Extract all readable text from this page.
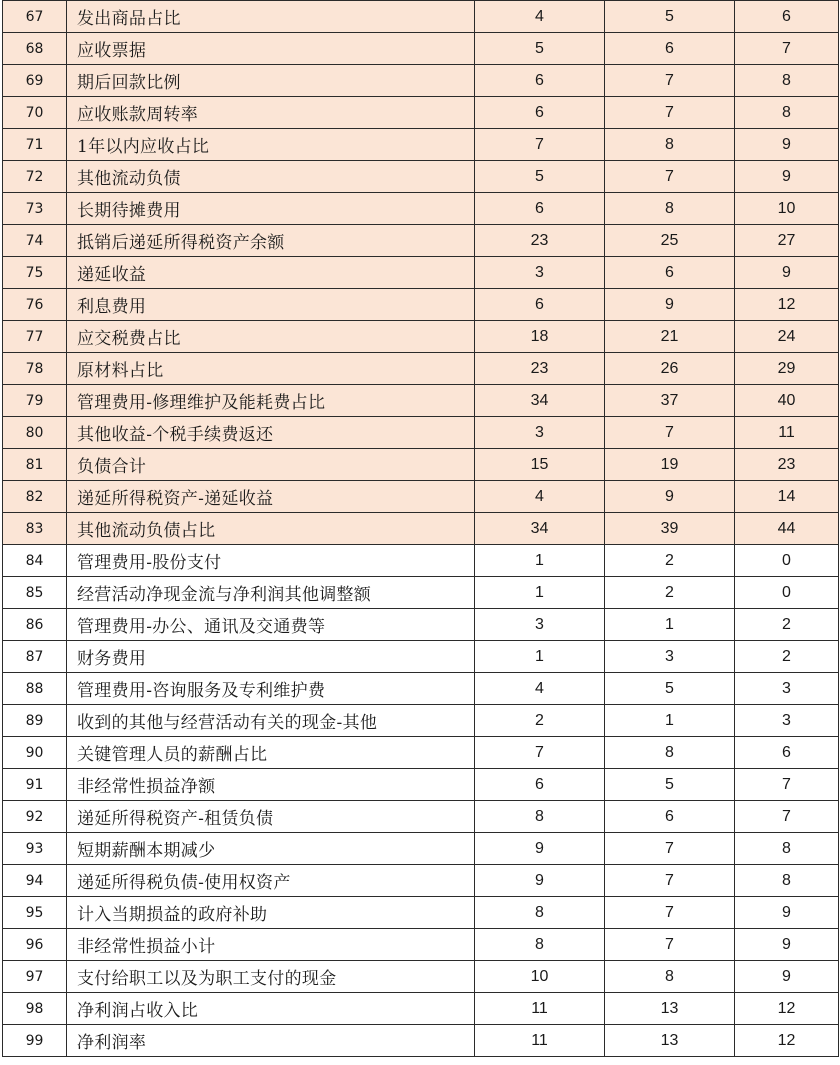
67	发出商品占比	4	5	6
68	应收票据	5	6	7
69	期后回款比例	6	7	8
70	应收账款周转率	6	7	8
71	1年以内应收占比	7	8	9
72	其他流动负债	5	7	9
73	长期待摊费用	6	8	10
74	抵销后递延所得税资产余额	23	25	27
75	递延收益	3	6	9
76	利息费用	6	9	12
77	应交税费占比	18	21	24
78	原材料占比	23	26	29
79	管理费用-修理维护及能耗费占比	34	37	40
80	其他收益-个税手续费返还	3	7	11
81	负债合计	15	19	23
82	递延所得税资产-递延收益	4	9	14
83	其他流动负债占比	34	39	44
84	管理费用-股份支付	1	2	0
85	经营活动净现金流与净利润其他调整额	1	2	0
86	管理费用-办公、通讯及交通费等	3	1	2
87	财务费用	1	3	2
88	管理费用-咨询服务及专利维护费	4	5	3
89	收到的其他与经营活动有关的现金-其他	2	1	3
90	关键管理人员的薪酬占比	7	8	6
91	非经常性损益净额	6	5	7
92	递延所得税资产-租赁负债	8	6	7
93	短期薪酬本期减少	9	7	8
94	递延所得税负债-使用权资产	9	7	8
95	计入当期损益的政府补助	8	7	9
96	非经常性损益小计	8	7	9
97	支付给职工以及为职工支付的现金	10	8	9
98	净利润占收入比	11	13	12
99	净利润率	11	13	12
